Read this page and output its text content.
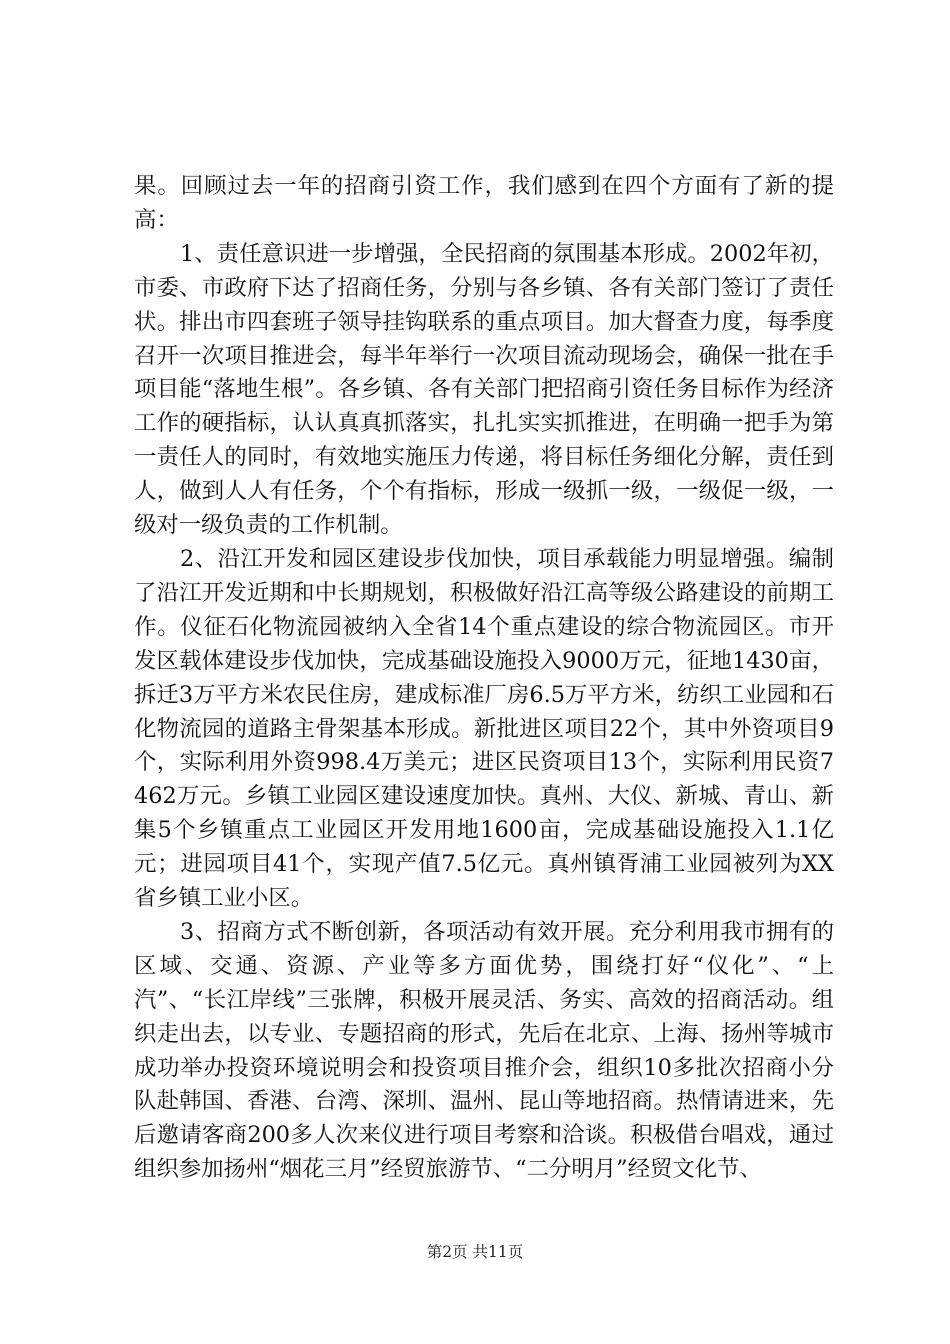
果。回顾过去一年的招商引资工作，我们感到在四个方面有了新的提高：

1、责任意识进一步增强，全民招商的氛围基本形成。2002年初，市委、市政府下达了招商任务，分别与各乡镇、各有关部门签订了责任状。排出市四套班子领导挂钩联系的重点项目。加大督查力度，每季度召开一次项目推进会，每半年举行一次项目流动现场会，确保一批在手项目能“落地生根”。各乡镇、各有关部门把招商引资任务目标作为经济工作的硬指标，认认真真抓落实，扎扎实实抓推进，在明确一把手为第一责任人的同时，有效地实施压力传递，将目标任务细化分解，责任到人，做到人人有任务，个个有指标，形成一级抓一级，一级促一级，一级对一级负责的工作机制。

2、沿江开发和园区建设步伐加快，项目承载能力明显增强。编制了沿江开发近期和中长期规划，积极做好沿江高等级公路建设的前期工作。仪征石化物流园被纳入全省14个重点建设的综合物流园区。市开发区载体建设步伐加快，完成基础设施投入9000万元，征地1430亩，拆迁3万平方米农民住房，建成标准厂房6.5万平方米，纺织工业园和石化物流园的道路主骨架基本形成。新批进区项目22个，其中外资项目9个，实际利用外资998.4万美元；进区民资项目13个，实际利用民资7462万元。乡镇工业园区建设速度加快。真州、大仪、新城、青山、新集5个乡镇重点工业园区开发用地1600亩，完成基础设施投入1.1亿元；进园项目41个，实现产值7.5亿元。真州镇胥浦工业园被列为XX省乡镇工业小区。

3、招商方式不断创新，各项活动有效开展。充分利用我市拥有的区域、交通、资源、产业等多方面优势，围绕打好“仪化”、“上汽”、“长江岸线”三张牌，积极开展灵活、务实、高效的招商活动。组织走出去，以专业、专题招商的形式，先后在北京、上海、扬州等城市成功举办投资环境说明会和投资项目推介会，组织10多批次招商小分队赴韩国、香港、台湾、深圳、温州、昆山等地招商。热情请进来，先后邀请客商200多人次来仪进行项目考察和洽谈。积极借台唱戏，通过组织参加扬州“烟花三月”经贸旅游节、“二分明月”经贸文化节、

第2页 共11页
